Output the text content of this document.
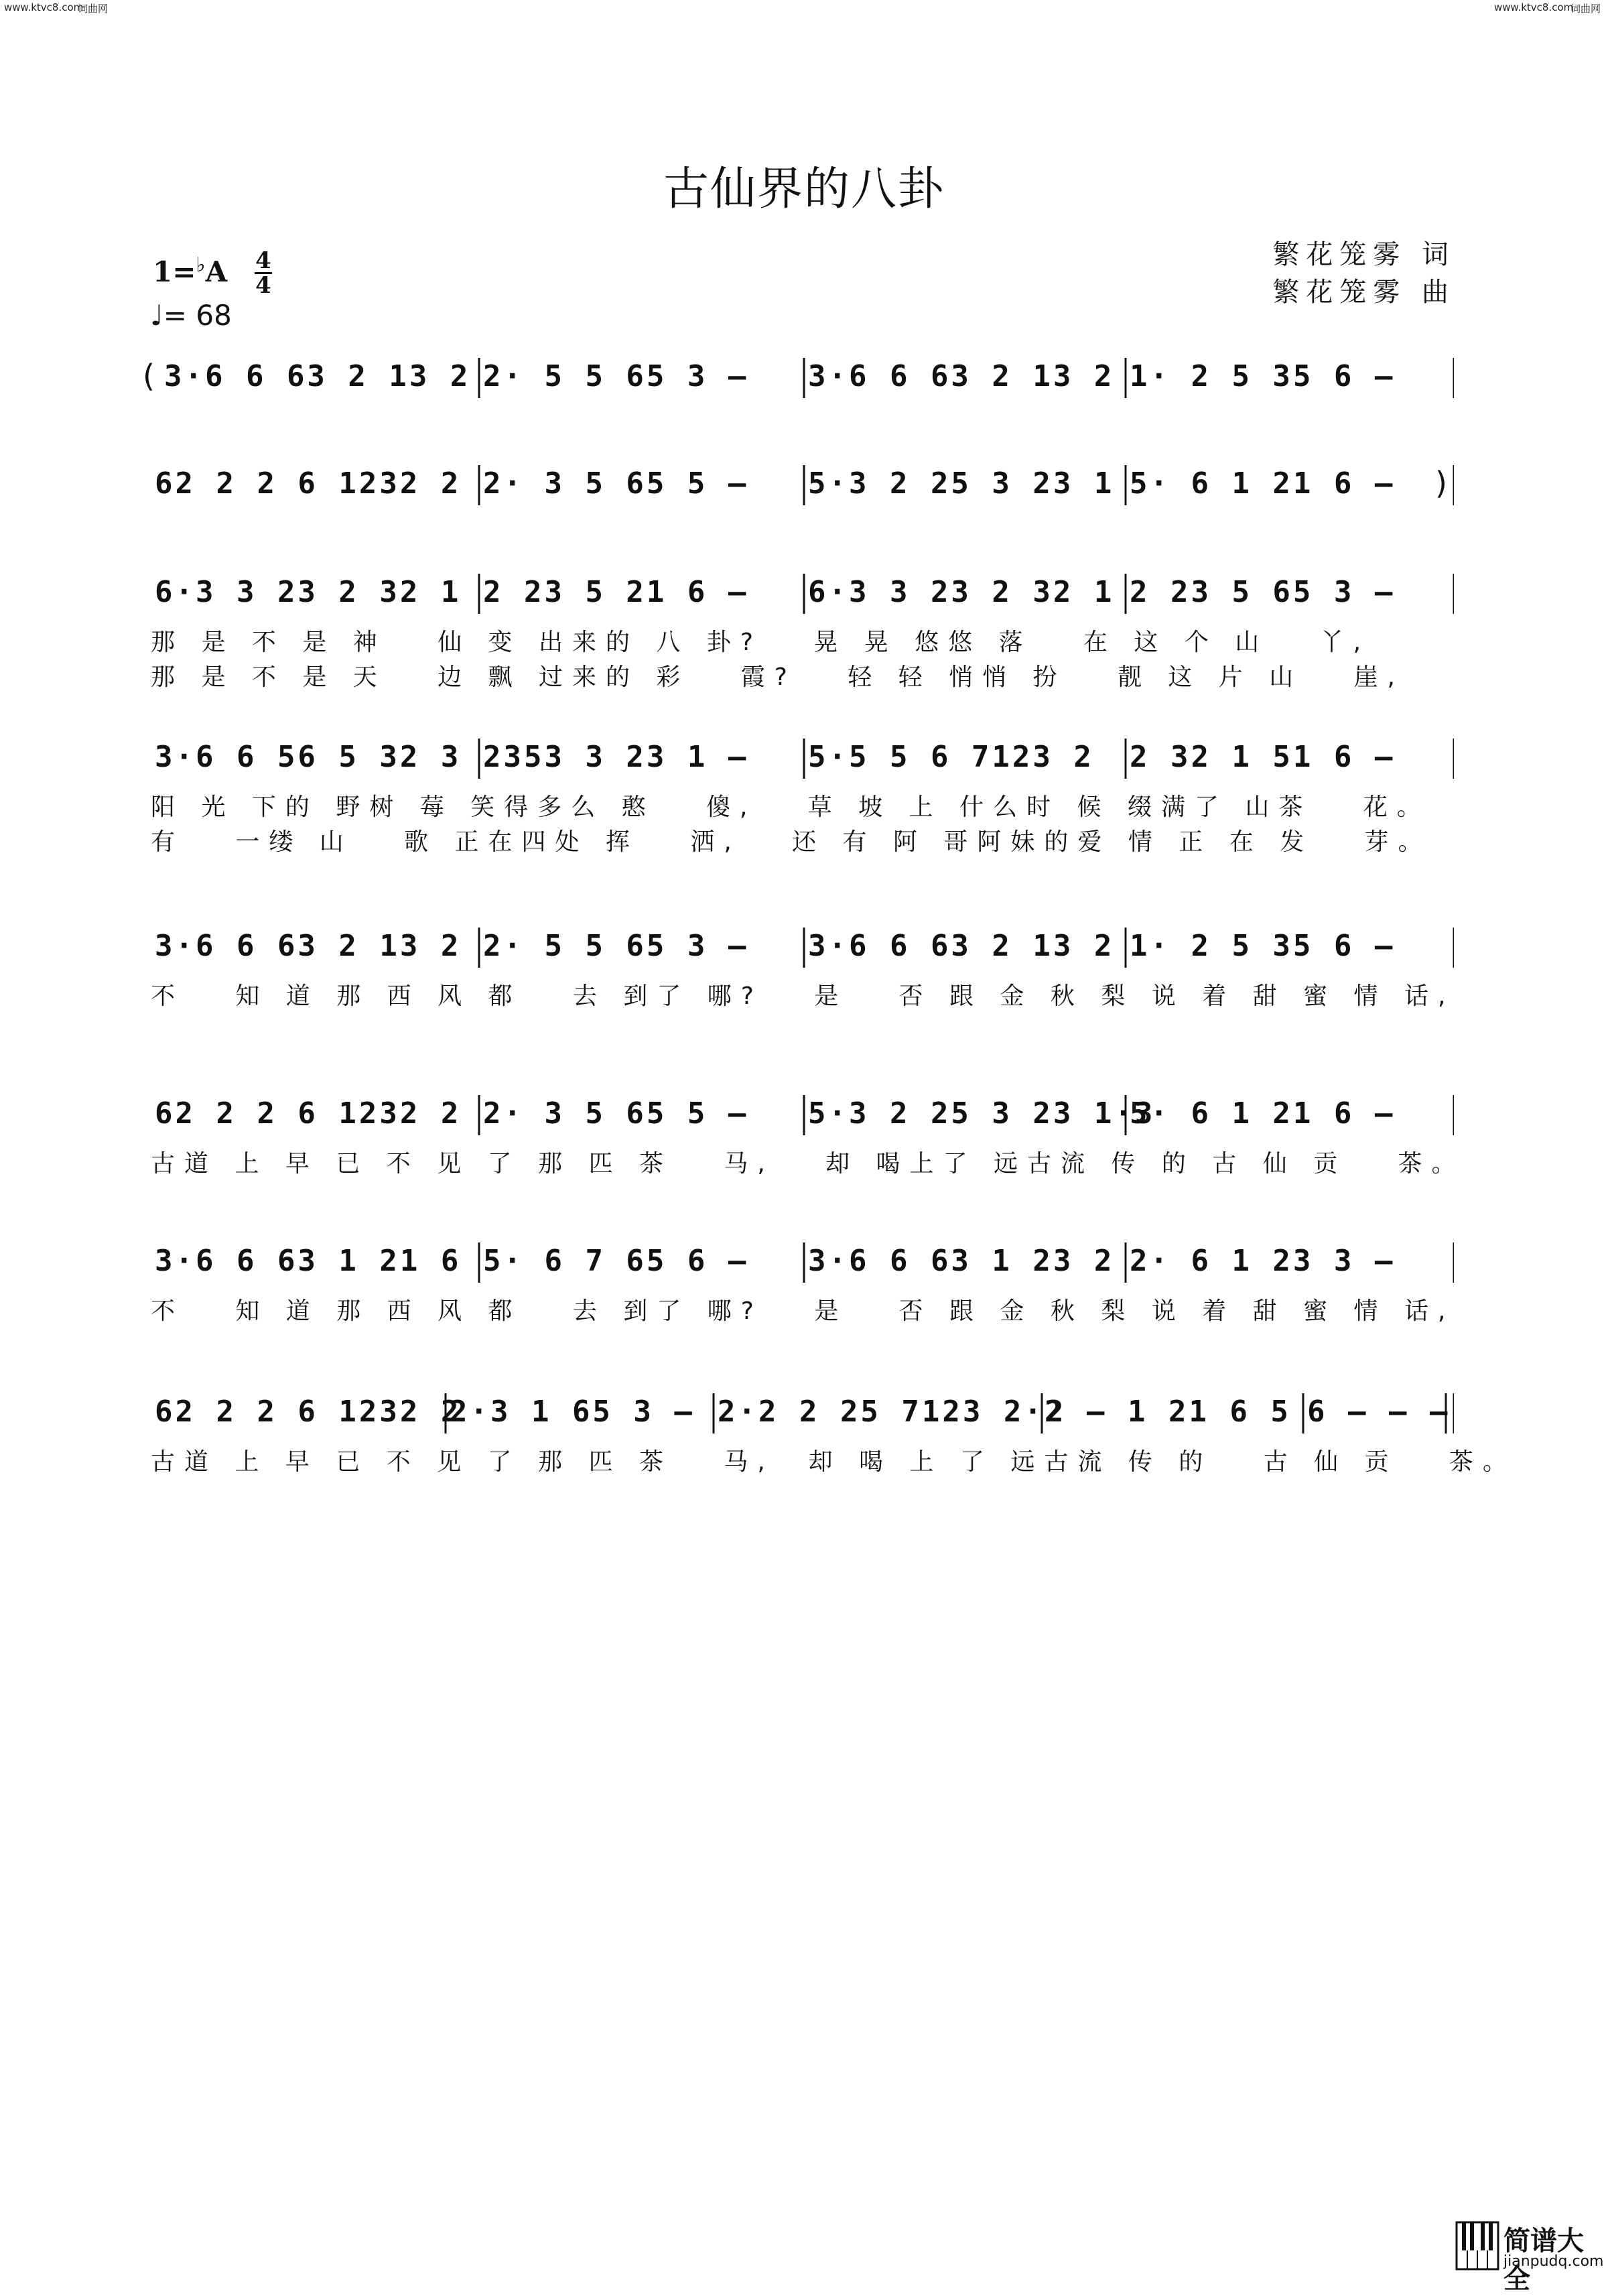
www.ktvc8.com
词曲网	www.ktvc8.com
词曲网
古仙界的八卦
繁花笼雾 词
繁花笼雾 曲
1=♭A 4
4
♩= 68
( 3·6 6 63 2 13 2 2· 5 5 65 3 – 3·6 6 63 2 13 2 1· 2 5 35 6 –
)
62 2 2 6 1232 2 2· 3 5 65 5 – 5·3 2 25 3 23 1 5· 6 1 21 6 –
6·3 3 23 2 32 1 2 23 5 21 6 – 6·3 3 23 2 32 1 2 23 5 65 3 –
那 是 不 是 神   仙 变 出来的 八 卦?   晃 晃 悠悠 落   在 这 个 山   丫,
那 是 不 是 天   边 飘 过来的 彩   霞?   轻 轻 悄悄 扮   靓 这 片 山   崖,
3·6 6 56 5 32 3 2353 3 23 1 – 5·5 5 6 7123 2 2 32 1 51 6 –
阳 光 下的 野树 莓 笑得多么 憨   傻,   草 坡 上 什么时 候 缀满了 山茶   花。
有   一缕 山   歌 正在四处 挥   洒,   还 有 阿 哥阿妹的爱 情 正 在 发   芽。
3·6 6 63 2 13 2 2· 5 5 65 3 – 3·6 6 63 2 13 2 1· 2 5 35 6 –
不   知 道 那 西 风 都   去 到了 哪?   是   否 跟 金 秋 梨 说 着 甜 蜜 情 话,
62 2 2 6 1232 2 2· 3 5 65 5 – 5·3 2 25 3 23 1·3
5· 6 1 21 6 –
古道 上 早 已 不 见 了 那 匹 茶   马,   却 喝上了 远古流 传 的 古 仙 贡   茶。
3·6 6 63 1 21 6 5· 6 7 65 6 – 3·6 6 63 1 23 2 2· 6 1 23 3 –
不   知 道 那 西 风 都   去 到了 哪?   是   否 跟 金 秋 梨 说 着 甜 蜜 情 话,
62 2 2 6 1232 2
2·3 1 65 3 – 2·2 2 25 7123 2·2
2 – 1 21 6 5 6 – – –
古道 上 早 已 不 见 了 那 匹 茶   马,  却 喝 上 了 远古流 传 的   古 仙 贡   茶。
简谱大全
jianpudq.com
